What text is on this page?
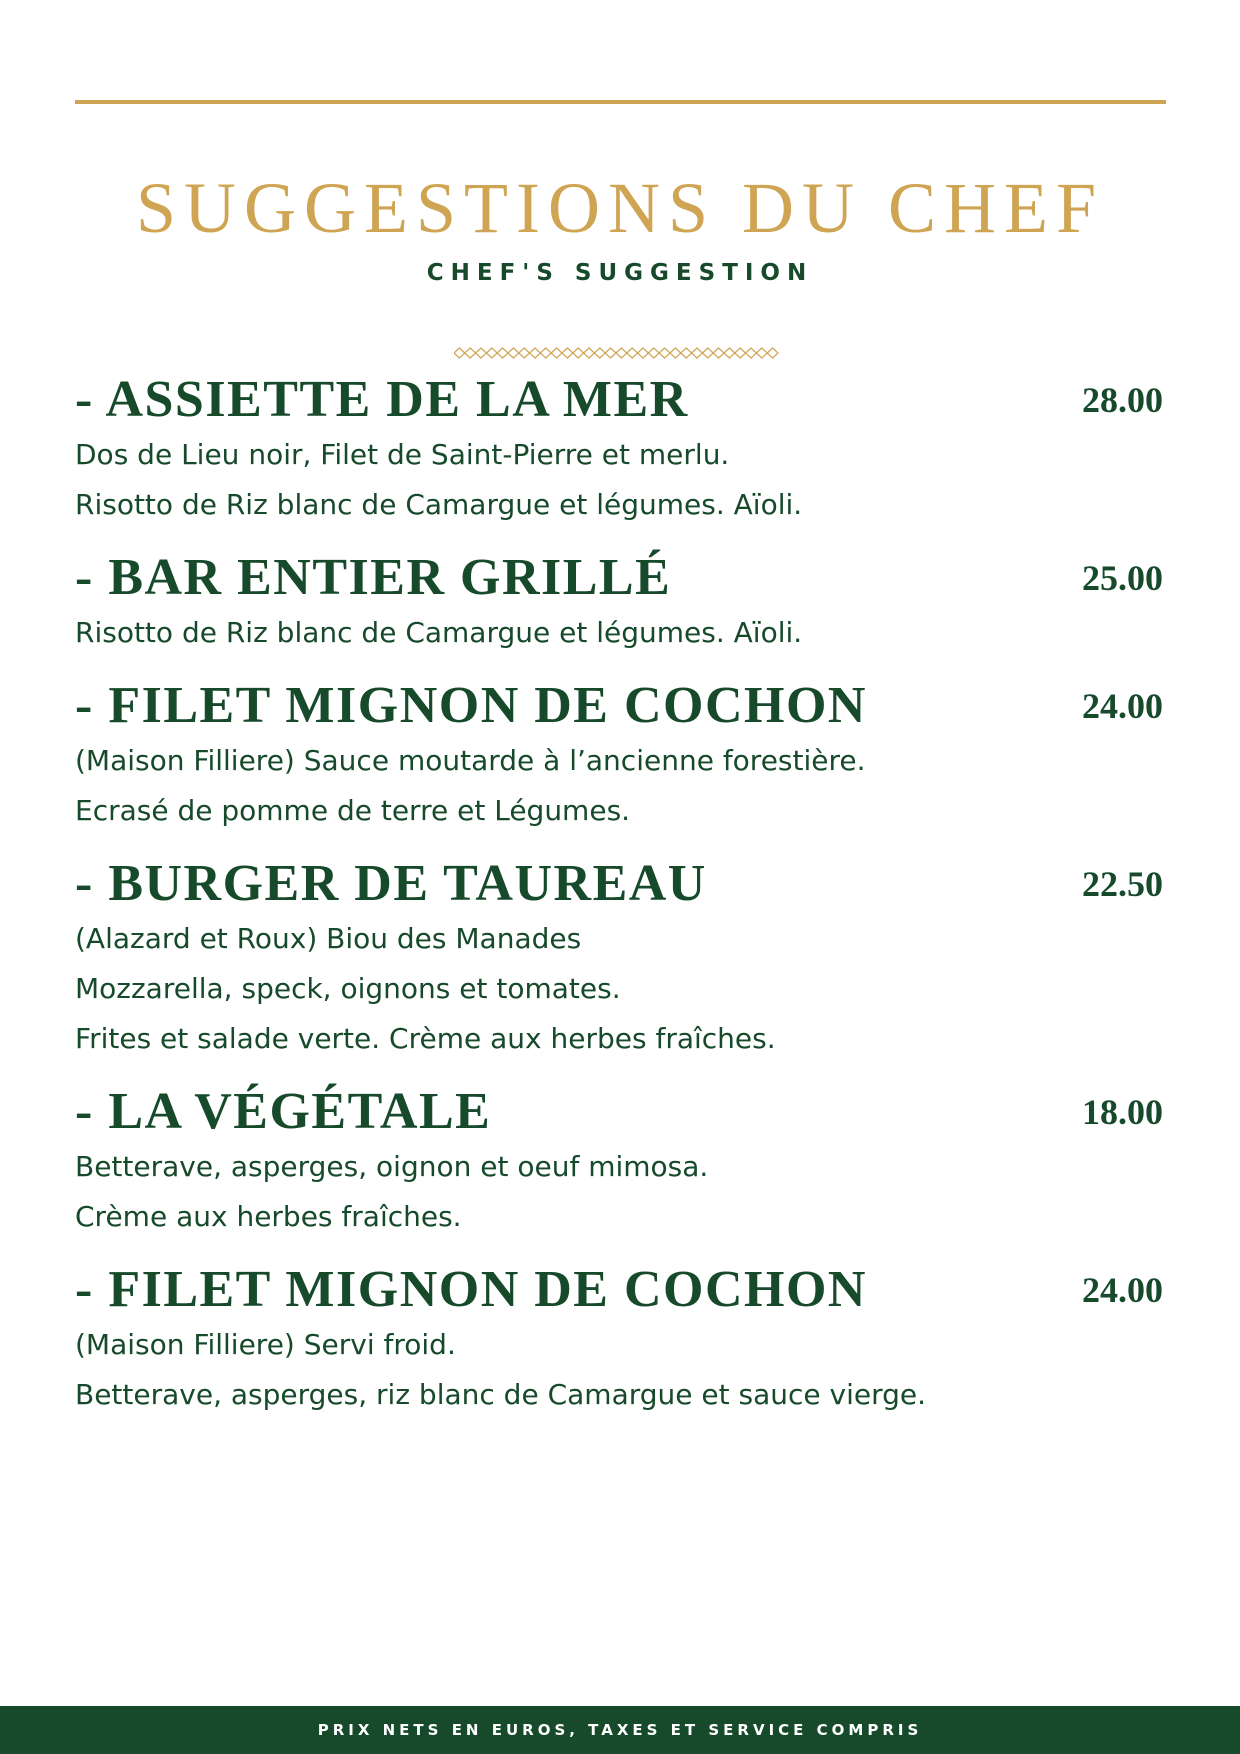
SUGGESTIONS DU CHEF
CHEF'S SUGGESTION
- ASSIETTE DE LA MER	28.00
Dos de Lieu noir, Filet de Saint-Pierre et merlu.
Risotto de Riz blanc de Camargue et légumes. Aïoli.
- BAR ENTIER GRILLÉ	25.00
Risotto de Riz blanc de Camargue et légumes. Aïoli.
- FILET MIGNON DE COCHON	24.00
(Maison Filliere) Sauce moutarde à l’ancienne forestière.
Ecrasé de pomme de terre et Légumes.
- BURGER DE TAUREAU	22.50
(Alazard et Roux) Biou des Manades
Mozzarella, speck, oignons et tomates.
Frites et salade verte. Crème aux herbes fraîches.
- LA VÉGÉTALE	18.00
Betterave, asperges, oignon et oeuf mimosa.
Crème aux herbes fraîches.
- FILET MIGNON DE COCHON	24.00
(Maison Filliere) Servi froid.
Betterave, asperges, riz blanc de Camargue et sauce vierge.
PRIX NETS EN EUROS, TAXES ET SERVICE COMPRIS
